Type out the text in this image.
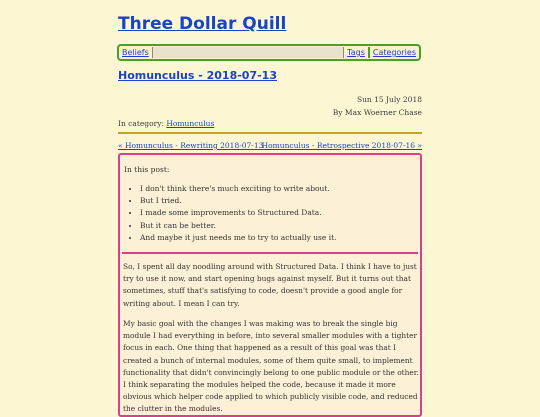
Three Dollar Quill
Beliefs	Tags	Categories
Homunculus - 2018-07-13
Sun 15 July 2018
By Max Woerner Chase
In category: Homunculus
« Homunculus - Rewriting 2018-07-13
Homunculus - Retrospective 2018-07-16 »
In this post:
• I don't think there's much exciting to write about.
• But I tried.
• I made some improvements to Structured Data.
• But it can be better.
• And maybe it just needs me to try to actually use it.

So, I spent all day noodling around with Structured Data. I think I have to just try to use it now, and start opening bugs against myself. But it turns out that sometimes, stuff that's satisfying to code, doesn't provide a good angle for writing about. I mean I can try.

My basic goal with the changes I was making was to break the single big module I had everything in before, into several smaller modules with a tighter focus in each. One thing that happened as a result of this goal was that I created a bunch of internal modules, some of them quite small, to implement functionality that didn't convincingly belong to one public module or the other. I think separating the modules helped the code, because it made it more obvious which helper code applied to which publicly visible code, and reduced the clutter in the modules.
